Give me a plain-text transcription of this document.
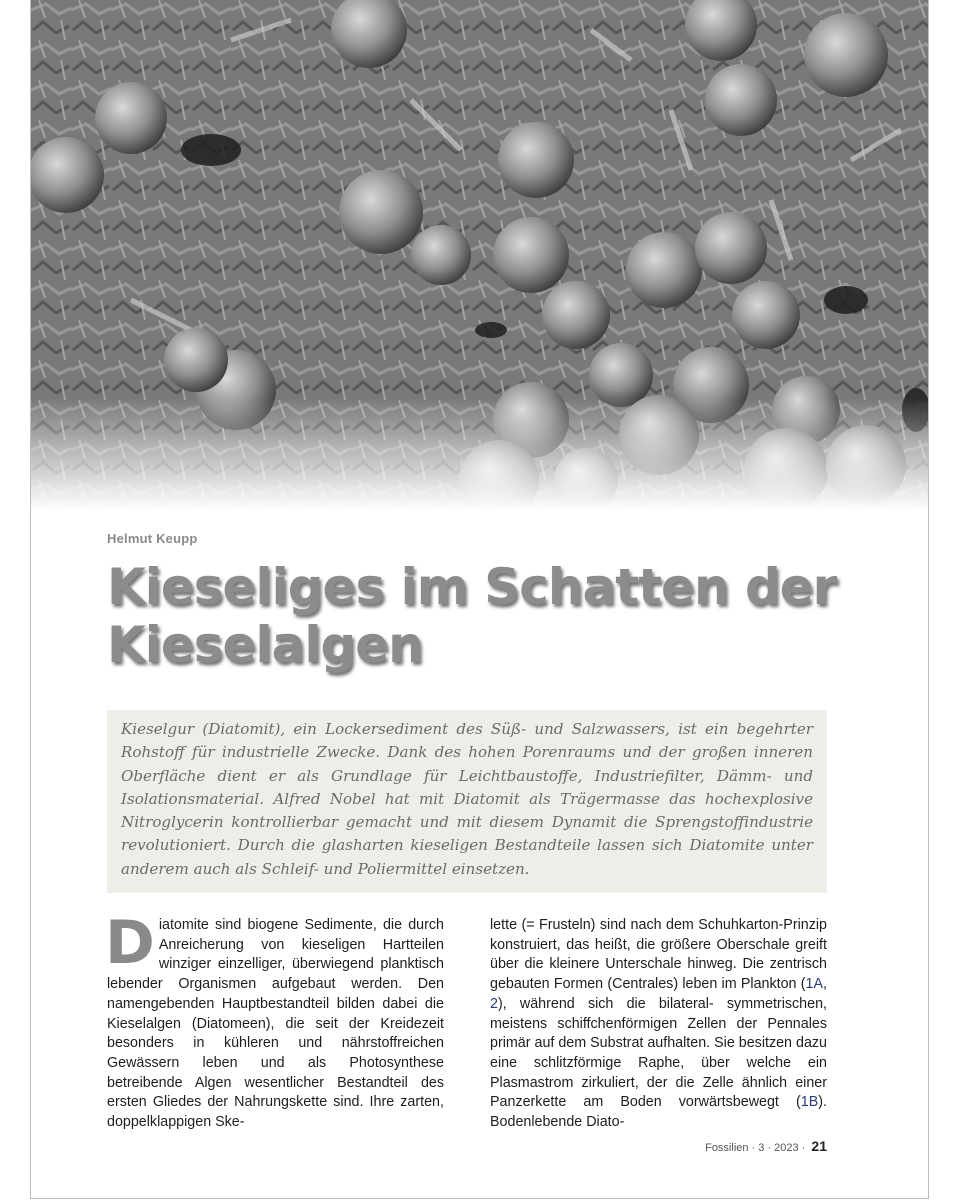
Helmut Keupp
Kieseliges im Schatten der
Kieselalgen

Kieselgur (Diatomit), ein Lockersediment des Süß- und Salzwassers, ist ein begehrter Rohstoff für industrielle Zwecke. Dank des hohen Porenraums und der großen inneren Oberfläche dient er als Grundlage für Leichtbaustoffe, Industriefilter, Dämm- und Isolationsmaterial. Alfred Nobel hat mit Diatomit als Trägermasse das hochexplosive Nitroglycerin kontrollierbar gemacht und mit diesem Dynamit die Sprengstoffindustrie revolutioniert. Durch die glasharten kieseligen Bestandteile lassen sich Diatomite unter anderem auch als Schleif- und Poliermittel einsetzen.

D iatomite sind biogene Sedimente, die durch Anreicherung von kieseligen Hartteilen winziger einzelliger, überwiegend planktisch lebender Organismen aufgebaut werden. Den namengebenden Hauptbestandteil bilden dabei die Kieselalgen (Diatomeen), die seit der Kreidezeit besonders in kühleren und nährstoffreichen Gewässern leben und als Photosynthese betreibende Algen wesentlicher Bestandteil des ersten Gliedes der Nahrungskette sind. Ihre zarten, doppelklappigen Ske-

lette (= Frusteln) sind nach dem Schuhkarton-Prinzip konstruiert, das heißt, die größere Oberschale greift über die kleinere Unterschale hinweg. Die zentrisch gebauten Formen (Centrales) leben im Plankton (1A, 2), während sich die bilateral- symmetrischen, meistens schiffchenförmigen Zellen der Pennales primär auf dem Substrat aufhalten. Sie besitzen dazu eine schlitzförmige Raphe, über welche ein Plasmastrom zirkuliert, der die Zelle ähnlich einer Panzerkette am Boden vorwärtsbewegt (1B). Bodenlebende Diato-

Fossilien · 3 · 2023 · 21
